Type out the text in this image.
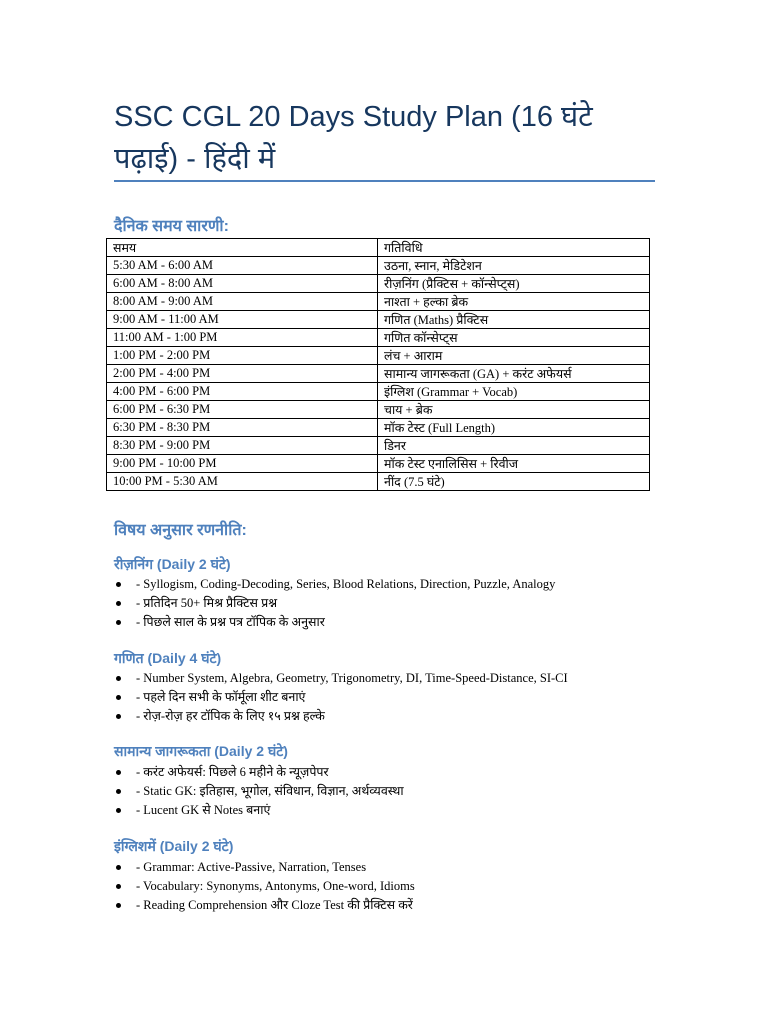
SSC CGL 20 Days Study Plan (16 घंटे पढ़ाई) - हिंदी में
दैनिक समय सारणी:
समय	गतिविधि
5:30 AM - 6:00 AM	उठना, स्नान, मेडिटेशन
6:00 AM - 8:00 AM	रीज़निंग (प्रैक्टिस + कॉन्सेप्ट्स)
8:00 AM - 9:00 AM	नाश्ता + हल्का ब्रेक
9:00 AM - 11:00 AM	गणित (Maths) प्रैक्टिस
11:00 AM - 1:00 PM	गणित कॉन्सेप्ट्स
1:00 PM - 2:00 PM	लंच + आराम
2:00 PM - 4:00 PM	सामान्य जागरूकता (GA) + करंट अफेयर्स
4:00 PM - 6:00 PM	इंग्लिश (Grammar + Vocab)
6:00 PM - 6:30 PM	चाय + ब्रेक
6:30 PM - 8:30 PM	मॉक टेस्ट (Full Length)
8:30 PM - 9:00 PM	डिनर
9:00 PM - 10:00 PM	मॉक टेस्ट एनालिसिस + रिवीज
10:00 PM - 5:30 AM	नींद (7.5 घंटे)
विषय अनुसार रणनीति:
रीज़निंग (Daily 2 घंटे)
- Syllogism, Coding-Decoding, Series, Blood Relations, Direction, Puzzle, Analogy
- प्रतिदिन 50+ मिश्र प्रैक्टिस प्रश्न
- पिछले साल के प्रश्न पत्र टॉपिक के अनुसार
गणित (Daily 4 घंटे)
- Number System, Algebra, Geometry, Trigonometry, DI, Time-Speed-Distance, SI-CI
- पहले दिन सभी के फॉर्मूला शीट बनाएं
- रोज़-रोज़ हर टॉपिक के लिए १५ प्रश्न हल्के
सामान्य जागरूकता (Daily 2 घंटे)
- करंट अफेयर्स: पिछले 6 महीने के न्यूज़पेपर
- Static GK: इतिहास, भूगोल, संविधान, विज्ञान, अर्थव्यवस्था
- Lucent GK से Notes बनाएं
इंग्लिशमें (Daily 2 घंटे)
- Grammar: Active-Passive, Narration, Tenses
- Vocabulary: Synonyms, Antonyms, One-word, Idioms
- Reading Comprehension और Cloze Test की प्रैक्टिस करें
